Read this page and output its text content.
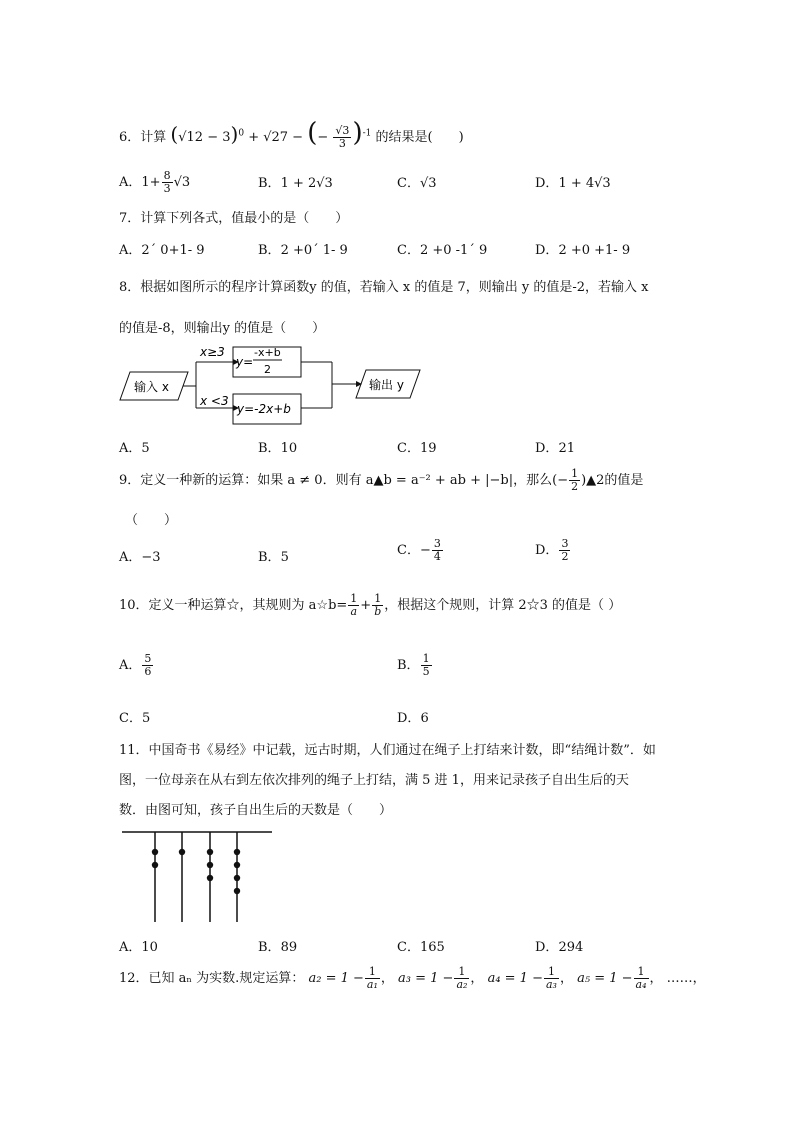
6．计算 $(√12 - 3)^0 + √27$ − (− $\frac{√3}{3} )^{-1}$ 的结果是(　　)
A．$1+ \frac{8}{3} √3$	B．1 + 2√3	C．√3	D．1 + 4√3
7．计算下列各式，值最小的是（　　）
A．2´ 0+1- 9	B．2 +0´ 1- 9	C．2 +0 -1´ 9	D．2 +0 +1- 9
8．根据如图所示的程序计算函数y 的值，若输入 x 的值是 7，则输出 y 的值是-2，若输入 x
的值是-8，则输出y 的值是（　　）
输入 x
x≥3
x <3
y=
-x+b
2
y=-2x+b
输出 y
A．5	B．10	C．19	D．21
9．定义一种新的运算：如果 a ≠ 0．则有 a▲b = a⁻² + ab + |−b|，那么(− $\frac{1}{2}$ )▲2的值是
（　　）
A．−3	B．5	C．− $\frac{3}{4}$	D． $\frac{3}{2}$
10．定义一种运算☆，其规则为 a☆b= $\frac{1}{a} + \frac{1}{b}$ ，根据这个规则，计算 2☆3 的值是（ ）
A． $\frac{5}{6}$	B． $\frac{1}{5}$
C．5	D．6
11．中国奇书《易经》中记载，远古时期，人们通过在绳子上打结来计数，即“结绳计数”．如
图，一位母亲在从右到左依次排列的绳子上打结，满 5 进 1，用来记录孩子自出生后的天
数．由图可知，孩子自出生后的天数是（　　）
A．10	B．89	C．165	D．294
12．已知 aₙ 为实数.规定运算： $a_2 = 1 - \frac{1}{\text{a₁}}$ ， $a_3 = 1 - \frac{1}{\text{a₂}}$ ， $a_4 = 1 - \frac{1}{\text{a₃}}$ ， $a_5 = 1 - \frac{1}{\text{a₄}}$ ， ……，
